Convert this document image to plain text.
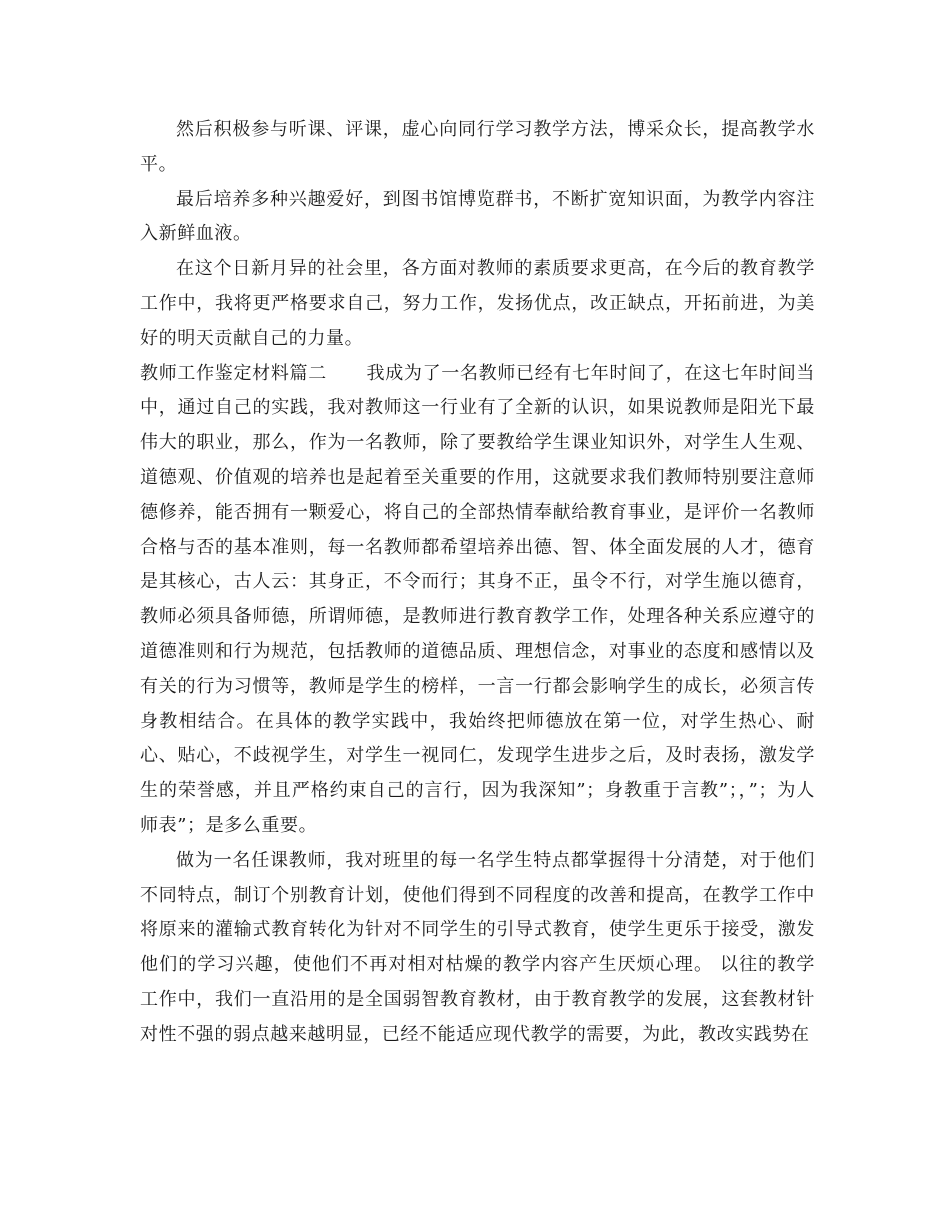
然后积极参与听课、评课，虚心向同行学习教学方法，博采众长，提高教学水平。

最后培养多种兴趣爱好，到图书馆博览群书，不断扩宽知识面，为教学内容注入新鲜血液。

在这个日新月异的社会里，各方面对教师的素质要求更高，在今后的教育教学工作中，我将更严格要求自己，努力工作，发扬优点，改正缺点，开拓前进，为美好的明天贡献自己的力量。

教师工作鉴定材料篇二 我成为了一名教师已经有七年时间了，在这七年时间当中，通过自己的实践，我对教师这一行业有了全新的认识，如果说教师是阳光下最伟大的职业，那么，作为一名教师，除了要教给学生课业知识外，对学生人生观、道德观、价值观的培养也是起着至关重要的作用，这就要求我们教师特别要注意师德修养，能否拥有一颗爱心，将自己的全部热情奉献给教育事业，是评价一名教师合格与否的基本准则，每一名教师都希望培养出德、智、体全面发展的人才，德育是其核心，古人云：其身正，不令而行；其身不正，虽令不行，对学生施以德育，教师必须具备师德，所谓师德，是教师进行教育教学工作，处理各种关系应遵守的道德准则和行为规范，包括教师的道德品质、理想信念，对事业的态度和感情以及有关的行为习惯等，教师是学生的榜样，一言一行都会影响学生的成长，必须言传身教相结合。在具体的教学实践中，我始终把师德放在第一位，对学生热心、耐心、贴心，不歧视学生，对学生一视同仁，发现学生进步之后，及时表扬，激发学生的荣誉感，并且严格约束自己的言行，因为我深知”；身教重于言教”；，”；为人师表”；是多么重要。

做为一名任课教师，我对班里的每一名学生特点都掌握得十分清楚，对于他们不同特点，制订个别教育计划，使他们得到不同程度的改善和提高，在教学工作中将原来的灌输式教育转化为针对不同学生的引导式教育，使学生更乐于接受，激发他们的学习兴趣，使他们不再对相对枯燥的教学内容产生厌烦心理。 以往的教学工作中，我们一直沿用的是全国弱智教育教材，由于教育教学的发展，这套教材针对性不强的弱点越来越明显，已经不能适应现代教学的需要，为此，教改实践势在
